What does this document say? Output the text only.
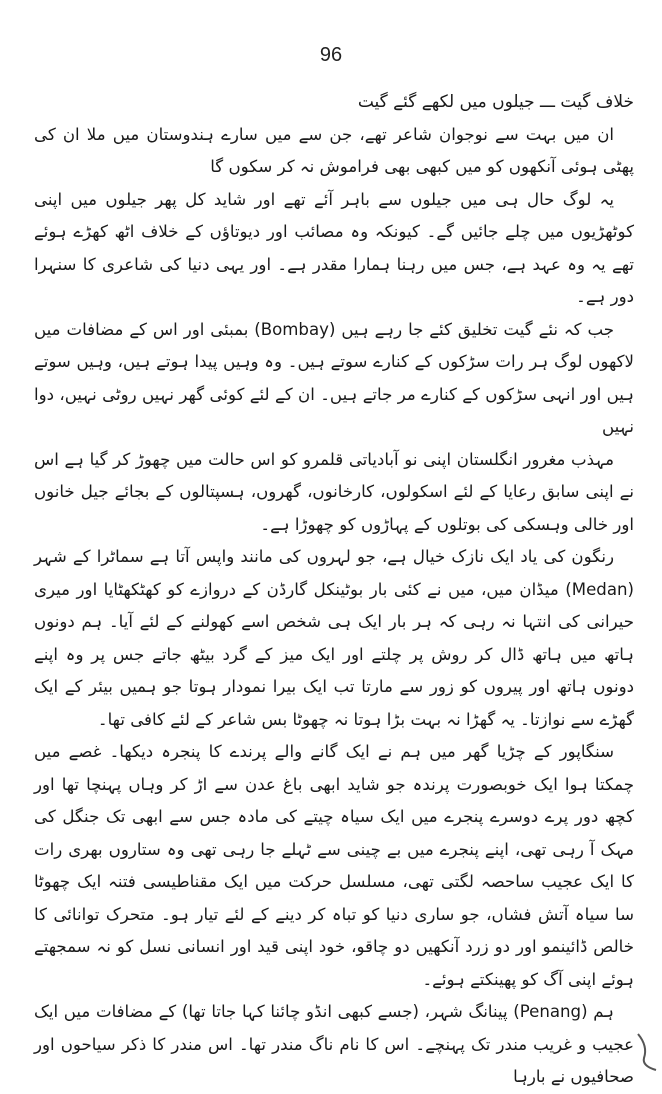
96

خلاف گیت ـــ جیلوں میں لکھے گئے گیت

ان میں بہت سے نوجوان شاعر تھے، جن سے میں سارے ہندوستان میں ملا ان کی پھٹی ہوئی آنکھوں کو میں کبھی بھی فراموش نہ کر سکوں گا

یہ لوگ حال ہی میں جیلوں سے باہر آئے تھے اور شاید کل پھر جیلوں میں اپنی کوٹھڑیوں میں چلے جائیں گے۔ کیونکہ وہ مصائب اور دیوتاؤں کے خلاف اٹھ کھڑے ہوئے تھے یہ وہ عہد ہے، جس میں رہنا ہمارا مقدر ہے۔ اور یہی دنیا کی شاعری کا سنہرا دور ہے۔

جب کہ نئے گیت تخلیق کئے جا رہے ہیں (Bombay) بمبئی اور اس کے مضافات میں لاکھوں لوگ ہر رات سڑکوں کے کنارے سوتے ہیں۔ وہ وہیں پیدا ہوتے ہیں، وہیں سوتے ہیں اور انہی سڑکوں کے کنارے مر جاتے ہیں۔ ان کے لئے کوئی گھر نہیں روٹی نہیں، دوا نہیں

مہذب مغرور انگلستان اپنی نو آبادیاتی قلمرو کو اس حالت میں چھوڑ کر گیا ہے اس نے اپنی سابق رعایا کے لئے اسکولوں، کارخانوں، گھروں، ہسپتالوں کے بجائے جیل خانوں اور خالی وہسکی کی بوتلوں کے پہاڑوں کو چھوڑا ہے۔

رنگون کی یاد ایک نازک خیال ہے، جو لہروں کی مانند واپس آتا ہے سماٹرا کے شہر (Medan) میڈان میں، میں نے کئی بار بوٹینکل گارڈن کے دروازے کو کھٹکھٹایا اور میری حیرانی کی انتہا نہ رہی کہ ہر بار ایک ہی شخص اسے کھولنے کے لئے آیا۔ ہم دونوں ہاتھ میں ہاتھ ڈال کر روش پر چلتے اور ایک میز کے گرد بیٹھ جاتے جس پر وہ اپنے دونوں ہاتھ اور پیروں کو زور سے مارتا تب ایک بیرا نمودار ہوتا جو ہمیں بیئر کے ایک گھڑے سے نوازتا۔ یہ گھڑا نہ بہت بڑا ہوتا نہ چھوٹا بس شاعر کے لئے کافی تھا۔

سنگاپور کے چڑیا گھر میں ہم نے ایک گانے والے پرندے کا پنجرہ دیکھا۔ غصے میں چمکتا ہوا ایک خوبصورت پرندہ جو شاید ابھی باغ عدن سے اڑ کر وہاں پہنچا تھا اور کچھ دور پرے دوسرے پنجرے میں ایک سیاہ چیتے کی مادہ جس سے ابھی تک جنگل کی مہک آ رہی تھی، اپنے پنجرے میں بے چینی سے ٹہلے جا رہی تھی وہ ستاروں بھری رات کا ایک عجیب ساحصہ لگتی تھی، مسلسل حرکت میں ایک مقناطیسی فتنہ ایک چھوٹا سا سیاہ آتش فشاں، جو ساری دنیا کو تباہ کر دینے کے لئے تیار ہو۔ متحرک توانائی کا خالص ڈائینمو اور دو زرد آنکھیں دو چاقو، خود اپنی قید اور انسانی نسل کو نہ سمجھتے ہوئے اپنی آگ کو پھینکتے ہوئے۔

ہم (Penang) پینانگ شہر، (جسے کبھی انڈو چائنا کہا جاتا تھا) کے مضافات میں ایک عجیب و غریب مندر تک پہنچے۔ اس کا نام ناگ مندر تھا۔ اس مندر کا ذکر سیاحوں اور صحافیوں نے بارہا
